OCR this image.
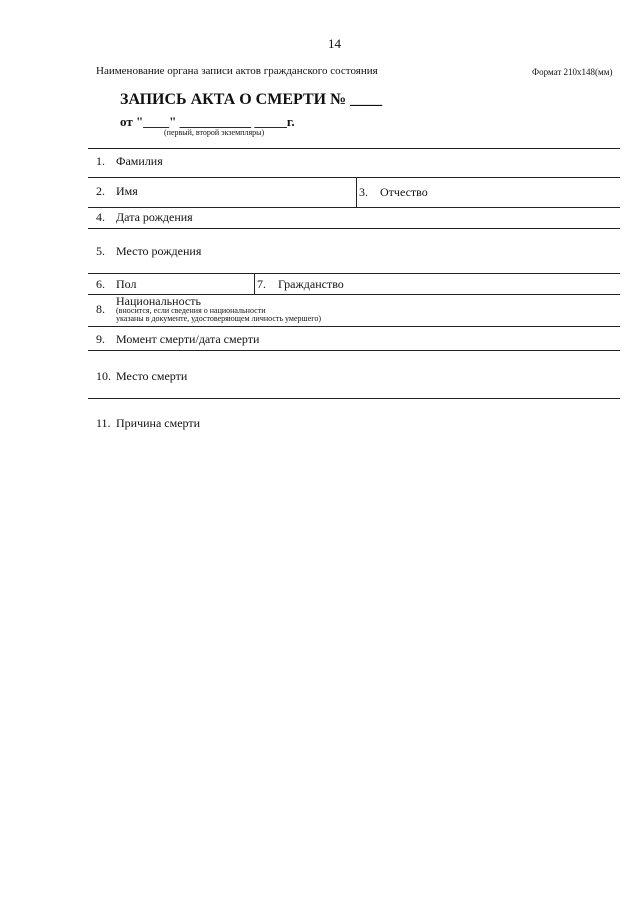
14
Наименование органа записи актов гражданского состояния	Формат 210х148(мм)
ЗАПИСЬ АКТА О СМЕРТИ № ____
от "____" ___________ _____г.
(первый, второй экземпляры)
1. Фамилия
2. Имя	3. Отчество
4. Дата рождения
5. Место рождения
6. Пол	7. Гражданство
8.
Национальность
(вносится, если сведения о национальности
указаны в документе, удостоверяющем личность умершего)
9. Момент смерти/дата смерти
10. Место смерти
11. Причина смерти
